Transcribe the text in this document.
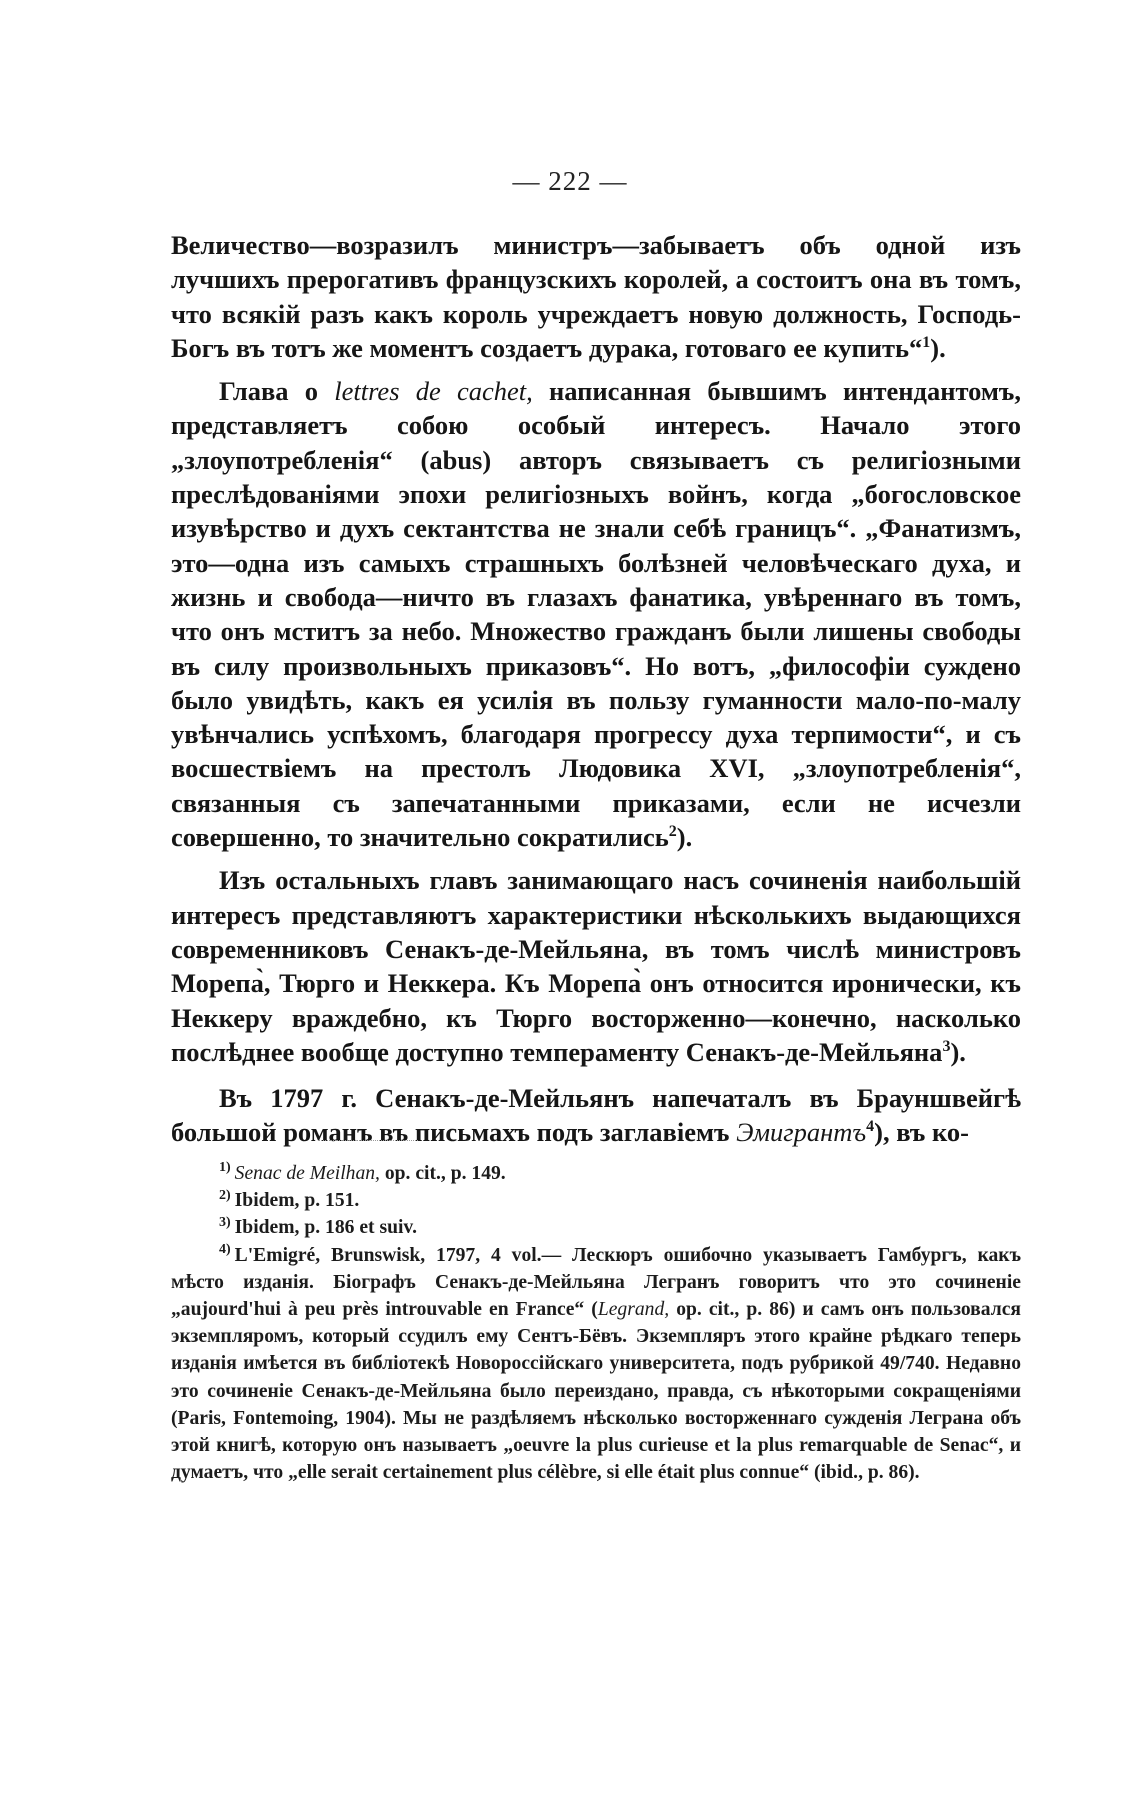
— 222 —

Величество—возразилъ министръ—забываетъ объ одной изъ лучшихъ прерогативъ французскихъ королей, а состоитъ она въ томъ, что всякій разъ какъ король учреждаетъ новую должность, Господь-Богъ въ тотъ же моментъ создаетъ дурака, готоваго ее купить“$^1$).

Глава о lettres de cachet, написанная бывшимъ интендантомъ, представляетъ собою особый интересъ. Начало этого „злоупотребленія“ (abus) авторъ связываетъ съ религіозными преслѣдованіями эпохи религіозныхъ войнъ, когда „богословское изувѣрство и духъ сектантства не знали себѣ границъ“. „Фанатизмъ, это—одна изъ самыхъ страшныхъ болѣзней человѣческаго духа, и жизнь и свобода—ничто въ глазахъ фанатика, увѣреннаго въ томъ, что онъ мститъ за небо. Множество гражданъ были лишены свободы въ силу произвольныхъ приказовъ“. Но вотъ, „философіи суждено было увидѣть, какъ ея усилія въ пользу гуманности мало-по-малу увѣнчались успѣхомъ, благодаря прогрессу духа терпимости“, и съ восшествіемъ на престолъ Людовика XVI, „злоупотребленія“, связанныя съ запечатанными приказами, если не исчезли совершенно, то значительно сократились$^2$).

Изъ остальныхъ главъ занимающаго насъ сочиненія наибольшій интересъ представляютъ характеристики нѣсколькихъ выдающихся современниковъ Сенакъ-де-Мейльяна, въ томъ числѣ министровъ Морепа̀, Тюрго и Неккера. Къ Морепа̀ онъ относится иронически, къ Неккеру враждебно, къ Тюрго восторженно—конечно, насколько послѣднее вообще доступно темпераменту Сенакъ-де-Мейльяна$^3$).

Въ 1797 г. Сенакъ-де-Мейльянъ напечаталъ въ Брауншвейгѣ большой романъ въ письмахъ подъ заглавіемъ Эмигрантъ$^4$), въ ко-

$^{1)}$ Senac de Meilhan, op. cit., p. 149.

$^{2)}$ Ibidem, p. 151.

$^{3)}$ Ibidem, p. 186 et suiv.

$^{4)}$ L'Emigré, Brunswisk, 1797, 4 vol.— Лескюръ ошибочно указываетъ Гамбургъ, какъ мѣсто изданія. Біографъ Сенакъ-де-Мейльяна Легранъ говоритъ что это сочиненіе „aujourd'hui à peu près introuvable en France“ (Legrand, op. cit., p. 86) и самъ онъ пользовался экземпляромъ, который ссудилъ ему Сентъ-Бёвъ. Экземпляръ этого крайне рѣдкаго теперь изданія имѣется въ библіотекѣ Новороссійскаго университета, подъ рубрикой 49/740. Недавно это сочиненіе Сенакъ-де-Мейльяна было переиздано, правда, съ нѣкоторыми сокращеніями (Paris, Fontemoing, 1904). Мы не раздѣляемъ нѣсколько восторженнаго сужденія Леграна объ этой книгѣ, которую онъ называетъ „oeuvre la plus curieuse et la plus remarquable de Senac“, и думаетъ, что „elle serait certainement plus célèbre, si elle était plus connue“ (ibid., p. 86).
